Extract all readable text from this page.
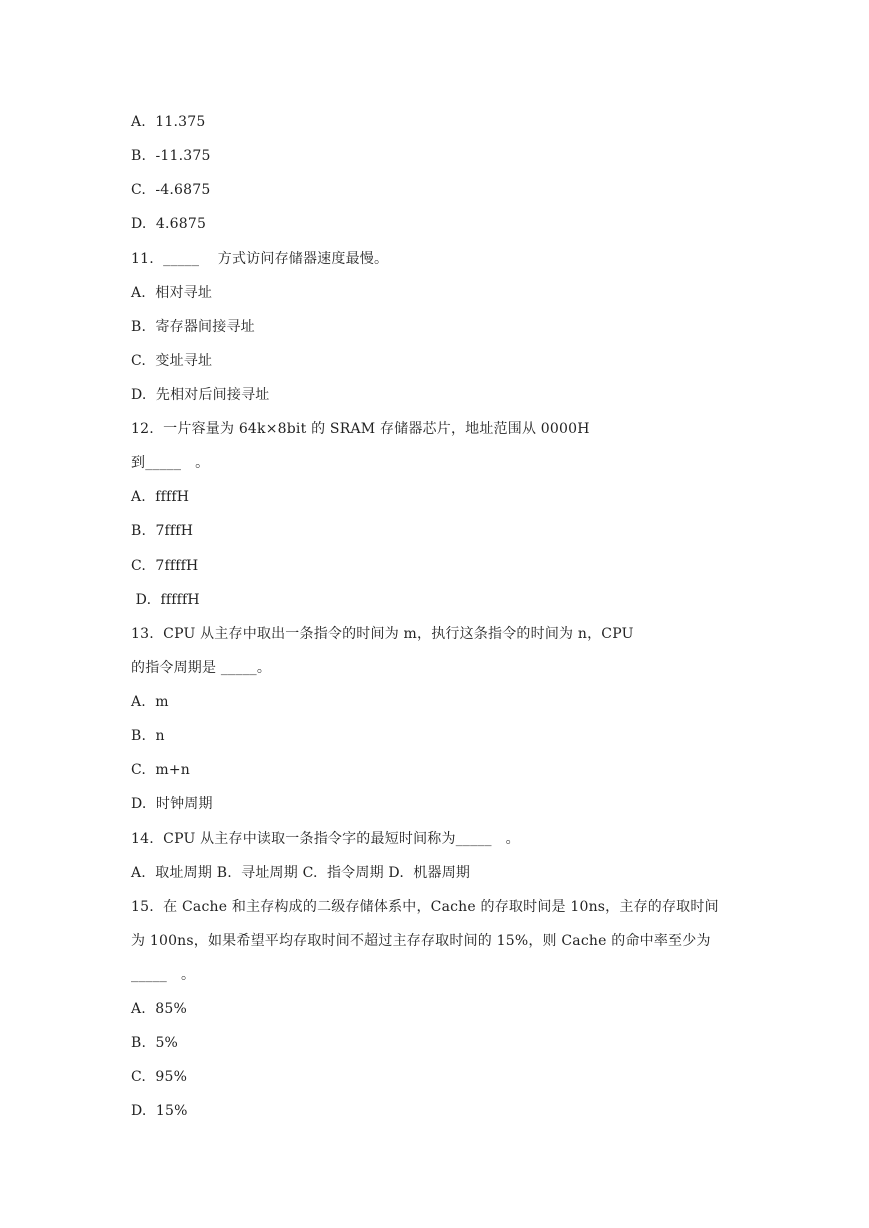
A.  11.375
B.  -11.375
C.  -4.6875
D.  4.6875
11.  _____    方式访问存储器速度最慢。
A.  相对寻址
B.  寄存器间接寻址
C.  变址寻址
D.  先相对后间接寻址
12.  一片容量为 64k×8bit 的 SRAM 存储器芯片，地址范围从 0000H
到_____   。
A.  ffffH
B.  7fffH
C.  7ffffH
D.  fffffH
13.  CPU 从主存中取出一条指令的时间为 m，执行这条指令的时间为 n，CPU
的指令周期是 _____。
A.  m
B.  n
C.  m+n
D.  时钟周期
14.  CPU 从主存中读取一条指令字的最短时间称为_____   。
A.  取址周期 B.  寻址周期 C.  指令周期 D.  机器周期
15.  在 Cache 和主存构成的二级存储体系中，Cache 的存取时间是 10ns，主存的存取时间
为 100ns，如果希望平均存取时间不超过主存存取时间的 15%，则 Cache 的命中率至少为
_____   。
A.  85%
B.  5%
C.  95%
D.  15%
